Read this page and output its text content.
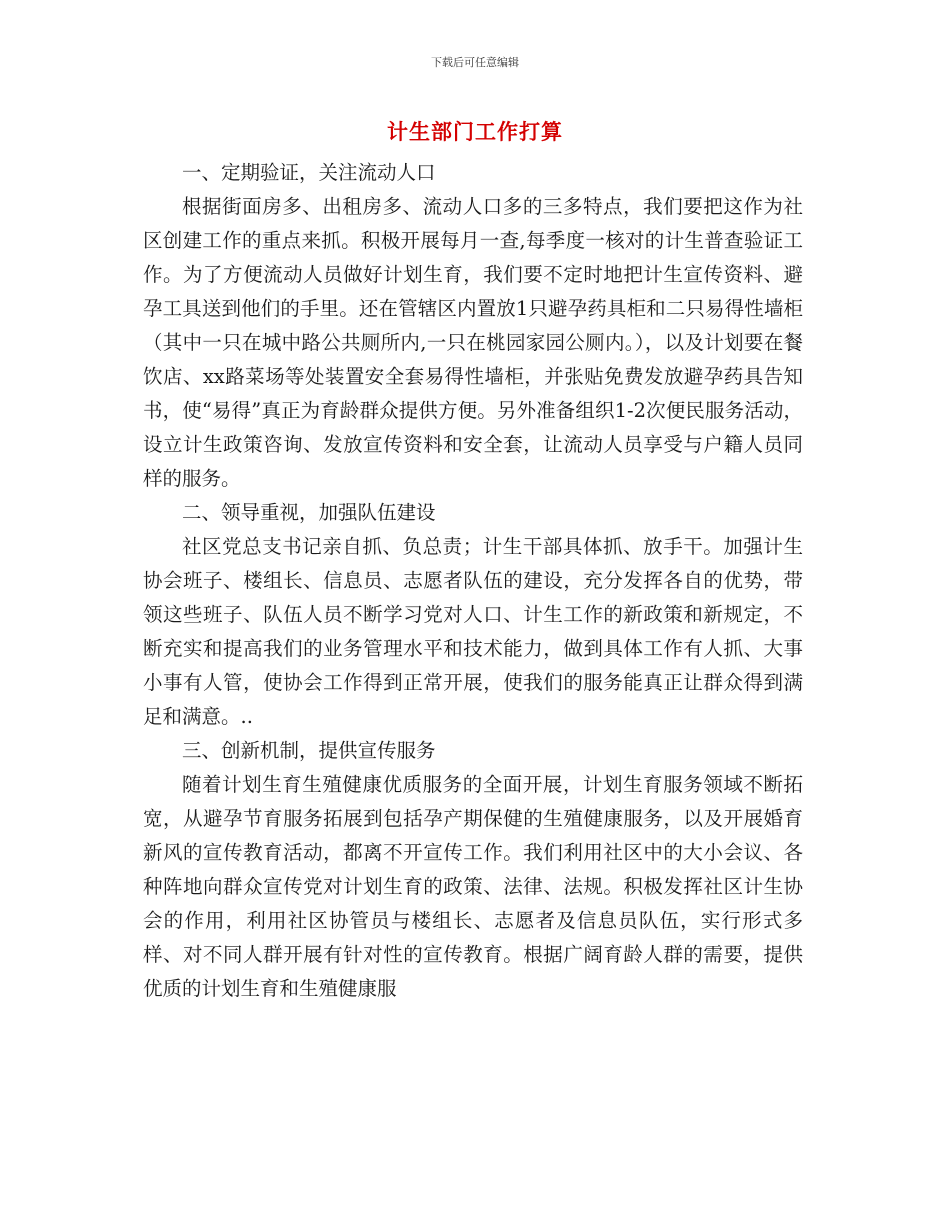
下载后可任意编辑
计生部门工作打算

一、定期验证，关注流动人口

根据街面房多、出租房多、流动人口多的三多特点，我们要把这作为社区创建工作的重点来抓。积极开展每月一查,每季度一核对的计生普查验证工作。为了方便流动人员做好计划生育，我们要不定时地把计生宣传资料、避孕工具送到他们的手里。还在管辖区内置放1只避孕药具柜和二只易得性墙柜（其中一只在城中路公共厕所内,一只在桃园家园公厕内。），以及计划要在餐饮店、xx路菜场等处装置安全套易得性墙柜，并张贴免费发放避孕药具告知书，使“易得”真正为育龄群众提供方便。另外准备组织1-2次便民服务活动，设立计生政策咨询、发放宣传资料和安全套，让流动人员享受与户籍人员同样的服务。

二、领导重视，加强队伍建设

社区党总支书记亲自抓、负总责；计生干部具体抓、放手干。加强计生协会班子、楼组长、信息员、志愿者队伍的建设，充分发挥各自的优势，带领这些班子、队伍人员不断学习党对人口、计生工作的新政策和新规定，不断充实和提高我们的业务管理水平和技术能力，做到具体工作有人抓、大事小事有人管，使协会工作得到正常开展，使我们的服务能真正让群众得到满足和满意。..

三、创新机制，提供宣传服务

随着计划生育生殖健康优质服务的全面开展，计划生育服务领域不断拓宽，从避孕节育服务拓展到包括孕产期保健的生殖健康服务，以及开展婚育新风的宣传教育活动，都离不开宣传工作。我们利用社区中的大小会议、各种阵地向群众宣传党对计划生育的政策、法律、法规。积极发挥社区计生协会的作用，利用社区协管员与楼组长、志愿者及信息员队伍，实行形式多样、对不同人群开展有针对性的宣传教育。根据广阔育龄人群的需要，提供优质的计划生育和生殖健康服
